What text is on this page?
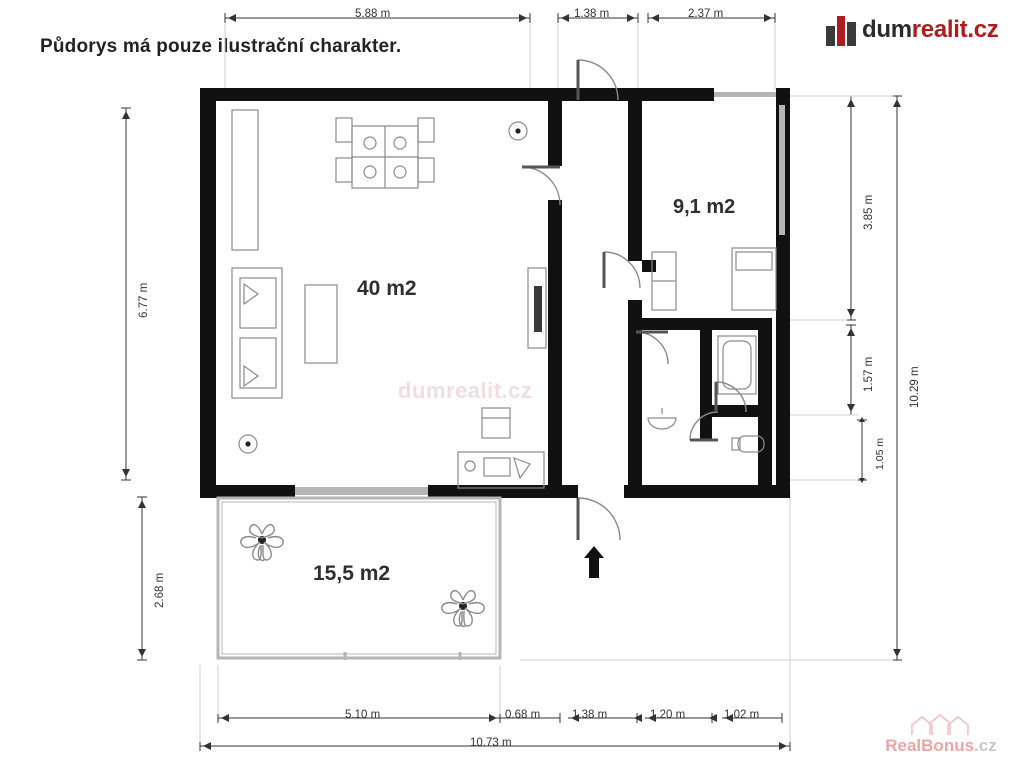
Půdorys má pouze ilustrační charakter.
dumrealit.cz
40 m2
9,1 m2
15,5 m2
5.88 m	1.38 m	2.37 m
6.77 m
2.68 m
3.85 m
1.57 m
1.05 m
10.29 m
5.10 m	0.68 m	1.38 m	1.20 m	1.02 m
10.73 m
dumrealit.cz
RealBonus.cz
